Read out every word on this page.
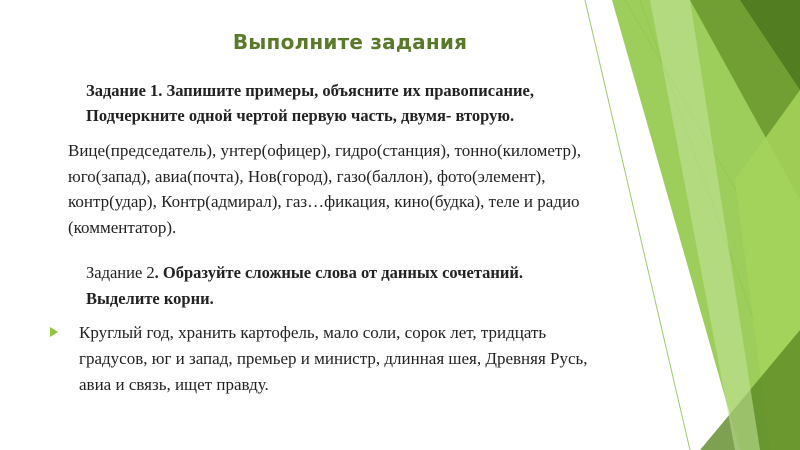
Выполните задания
Задание 1. Запишите примеры, объясните их правописание,
Подчеркните одной чертой первую часть, двумя- вторую.
Вице(председатель), унтер(офицер), гидро(станция), тонно(километр),
юго(запад), авиа(почта), Нов(город), газо(баллон), фото(элемент),
контр(удар), Контр(адмирал), газ…фикация, кино(будка), теле и радио
(комментатор).
Задание 2. Образуйте сложные слова от данных сочетаний.
Выделите корни.
Круглый год, хранить картофель, мало соли, сорок лет, тридцать
градусов, юг и запад, премьер и министр, длинная шея, Древняя Русь,
авиа и связь, ищет правду.
